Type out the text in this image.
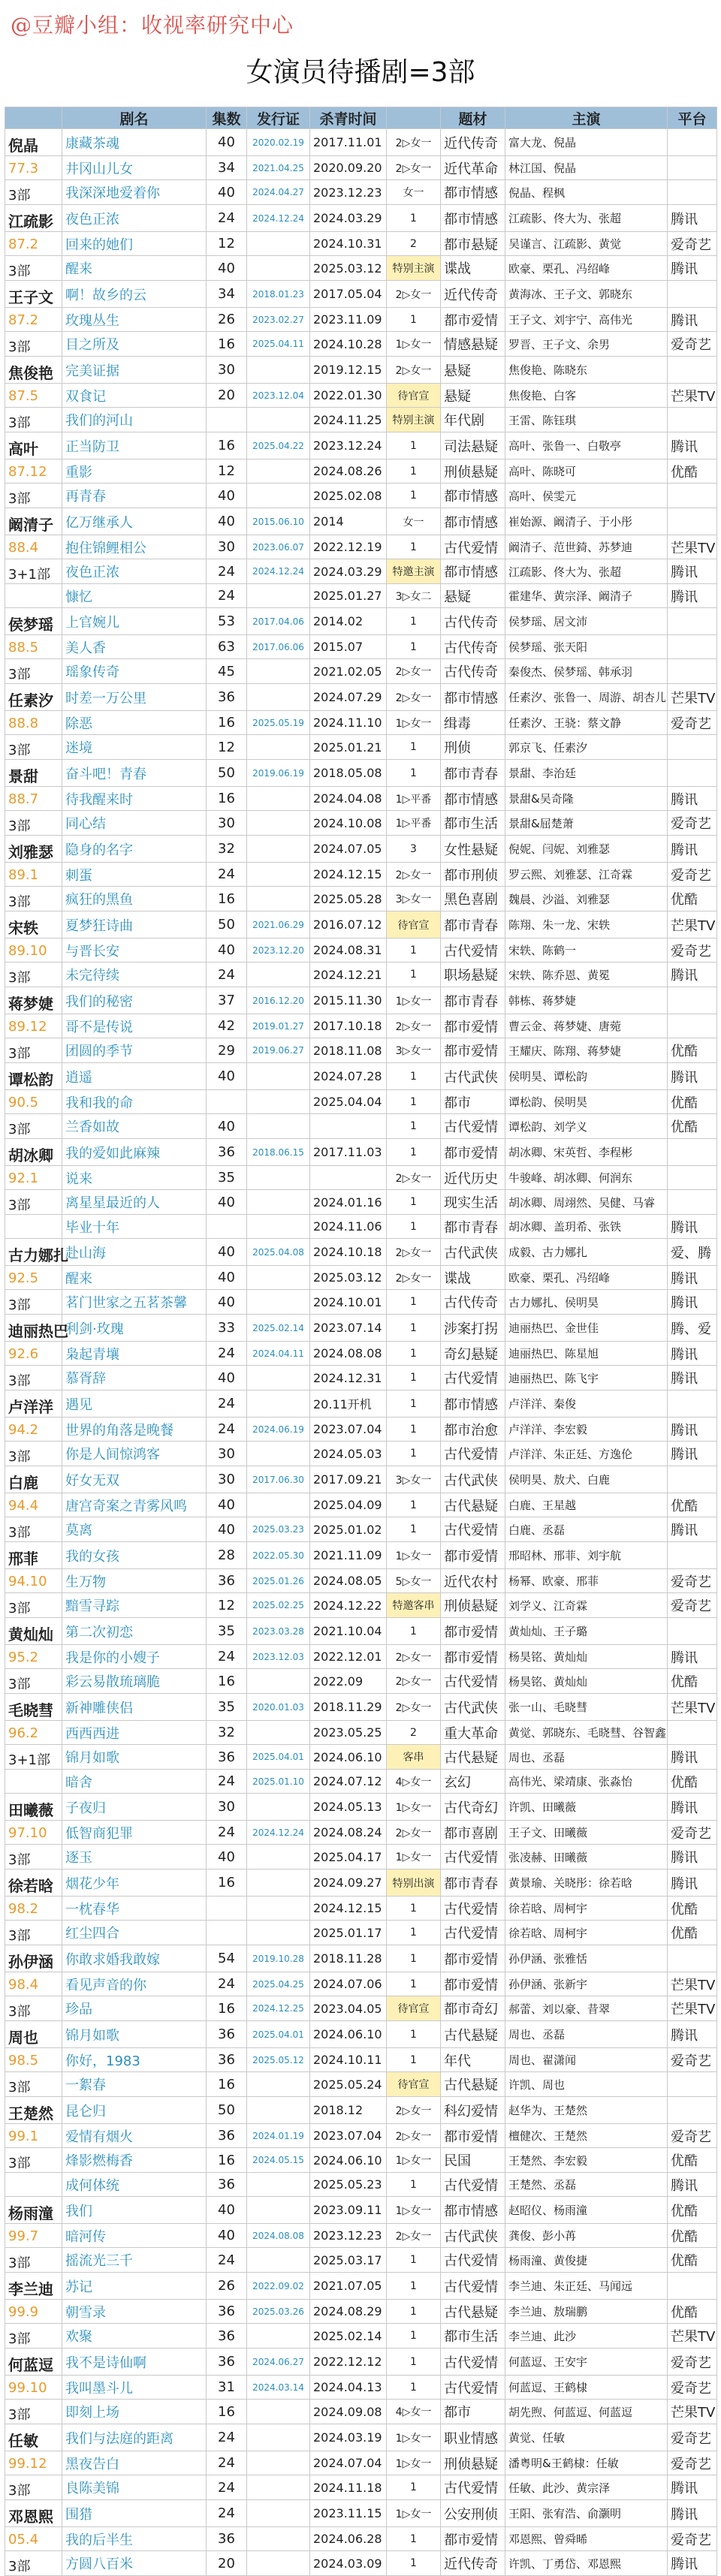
@豆瓣小组：收视率研究中心
女演员待播剧=3部
	剧名	集数	发行证	杀青时间		题材	主演	平台
倪晶	康藏茶魂	40	2020.02.19	2017.11.01	2▷女一	近代传奇	富大龙、倪晶	
77.3	井冈山儿女	34	2021.04.25	2020.09.20	2▷女一	近代革命	林江国、倪晶	
3部	我深深地爱着你	40	2024.04.27	2023.12.23	女一	都市情感	倪晶、程枫	
江疏影	夜色正浓	24	2024.12.24	2024.03.29	1	都市情感	江疏影、佟大为、张超	腾讯
87.2	回来的她们	12		2024.10.31	2	都市悬疑	吴谨言、江疏影、黄觉	爱奇艺
3部	醒来	40		2025.03.12	特别主演	谍战	欧豪、栗孔、冯绍峰	腾讯
王子文	啊！故乡的云	34	2018.01.23	2017.05.04	2▷女一	近代传奇	黄海冰、王子文、郭晓东	
87.2	玫瑰丛生	26	2023.02.27	2023.11.09	1	都市爱情	王子文、刘宇宁、高伟光	腾讯
3部	目之所及	16	2025.04.11	2024.10.28	1▷女一	情感悬疑	罗晋、王子文、余男	爱奇艺
焦俊艳	完美证据	30		2019.12.15	2▷女一	悬疑	焦俊艳、陈晓东	
87.5	双食记	20	2023.12.04	2022.01.30	待官宣	悬疑	焦俊艳、白客	芒果TV
3部	我们的河山			2024.11.25	特别主演	年代剧	王雷、陈钰琪	
高叶	正当防卫	16	2025.04.22	2023.12.24	1	司法悬疑	高叶、张鲁一、白敬亭	腾讯
87.12	重影	12		2024.08.26	1	刑侦悬疑	高叶、陈晓可	优酷
3部	再青春	40		2025.02.08	1	都市情感	高叶、侯雯元	
阚清子	亿万继承人	40	2015.06.10	2014	女一	都市情感	崔始源、阚清子、于小彤	
88.4	抱住锦鲤相公	30	2023.06.07	2022.12.19	1	古代爱情	阚清子、范世錡、苏梦迪	芒果TV
3+1部	夜色正浓	24	2024.12.24	2024.03.29	特邀主演	都市情感	江疏影、佟大为、张超	腾讯
	慷忆	24		2025.01.27	3▷女二	悬疑	霍建华、黄宗泽、阚清子	腾讯
侯梦瑶	上官婉儿	53	2017.04.06	2014.02	1	古代传奇	侯梦瑶、居文沛	
88.5	美人香	63	2017.06.06	2015.07	1	古代传奇	侯梦瑶、张天阳	
3部	瑶象传奇	45		2021.02.05	2▷女一	古代传奇	秦俊杰、侯梦瑶、韩承羽	
任素汐	时差一万公里	36		2024.07.29	2▷女一	都市情感	任素汐、张鲁一、周游、胡杏儿	芒果TV
88.8	除恶	16	2025.05.19	2024.11.10	1▷女一	缉毒	任素汐、王骁：蔡文静	爱奇艺
3部	迷境	12		2025.01.21	1	刑侦	郭京飞、任素汐	
景甜	奋斗吧！青春	50	2019.06.19	2018.05.08	1	都市青春	景甜、李治廷	
88.7	待我醒来时	16		2024.04.08	1▷平番	都市情感	景甜&吴奇隆	腾讯
3部	同心结	30		2024.10.08	1▷平番	都市生活	景甜&屈楚萧	爱奇艺
刘雅瑟	隐身的名字	32		2024.07.05	3	女性悬疑	倪妮、闫妮、刘雅瑟	腾讯
89.1	刺蛋	24		2024.12.15	2▷女一	都市刑侦	罗云熙、刘雅瑟、江奇霖	爱奇艺
3部	疯狂的黑鱼	16		2025.05.28	3▷女一	黑色喜剧	魏晨、沙溢、刘雅瑟	优酷
宋轶	夏梦狂诗曲	50	2021.06.29	2016.07.12	待官宣	都市青春	陈翔、朱一龙、宋轶	芒果TV
89.10	与晋长安	40	2023.12.20	2024.08.31	1	古代爱情	宋轶、陈鹤一	爱奇艺
3部	未完待续	24		2024.12.21	1	职场悬疑	宋轶、陈乔恩、黄冕	腾讯
蒋梦婕	我们的秘密	37	2016.12.20	2015.11.30	1▷女一	都市青春	韩栋、蒋梦婕	
89.12	哥不是传说	42	2019.01.27	2017.10.18	2▷女一	都市爱情	曹云金、蒋梦婕、唐菀	
3部	团圆的季节	29	2019.06.27	2018.11.08	3▷女一	都市爱情	王耀庆、陈翔、蒋梦婕	优酷
谭松韵	逍遥	40		2024.07.28	1	古代武侠	侯明昊、谭松韵	腾讯
90.5	我和我的命			2025.04.04	1	都市	谭松韵、侯明昊	优酷
3部	兰香如故	40			1	古代爱情	谭松韵、刘学义	优酷
胡冰卿	我的爱如此麻辣	36	2018.06.15	2017.11.03	1	都市爱情	胡冰卿、宋英哲、李程彬	
92.1	说来	35			2▷女一	近代历史	牛骏峰、胡冰卿、何润东	
3部	离星星最近的人	40		2024.01.16	1	现实生活	胡冰卿、周翊然、吴健、马睿	
	毕业十年			2024.11.06	1	都市青春	胡冰卿、盖玥希、张铁	腾讯
古力娜扎	赴山海	40	2025.04.08	2024.10.18	2▷女一	古代武侠	成毅、古力娜扎	爱、腾
92.5	醒来	40		2025.03.12	2▷女一	谍战	欧豪、栗孔、冯绍峰	腾讯
3部	茗门世家之五茗茶馨	40		2024.10.01	1	古代传奇	古力娜扎、侯明昊	腾讯
迪丽热巴	利剑·玫瑰	33	2025.02.14	2023.07.14	1	涉案打拐	迪丽热巴、金世佳	腾、爱
92.6	枭起青壤	24	2024.04.11	2024.08.08	1	奇幻悬疑	迪丽热巴、陈星旭	腾讯
3部	慕胥辞	40		2024.12.31	1	古代爱情	迪丽热巴、陈飞宇	腾讯
卢洋洋	遇见	24		20.11开机	1	都市情感	卢洋洋、秦俊	
94.2	世界的角落是晚餐	24	2024.06.19	2023.07.04	1	都市治愈	卢洋洋、李宏毅	腾讯
3部	你是人间惊鸿客	30		2024.05.03	1	古代爱情	卢洋洋、朱正廷、方逸伦	腾讯
白鹿	好女无双	30	2017.06.30	2017.09.21	3▷女一	古代武侠	侯明昊、敖犬、白鹿	
94.4	唐宫奇案之青雾风鸣	40		2025.04.09	1	古代悬疑	白鹿、王星越	优酷
3部	莫离	40	2025.03.23	2025.01.02	1	古代爱情	白鹿、丞磊	腾讯
邢菲	我的女孩	28	2022.05.30	2021.11.09	1▷女一	都市爱情	邢昭林、邢菲、刘宇航	
94.10	生万物	36	2025.01.26	2024.08.05	5▷女一	近代农村	杨幂、欧豪、邢菲	爱奇艺
3部	黯雪寻踪	12	2025.02.25	2024.12.22	特邀客串	刑侦悬疑	刘学义、江奇霖	爱奇艺
黄灿灿	第二次初恋	35	2023.03.28	2021.10.04	1	都市爱情	黄灿灿、王子璐	
95.2	我是你的小嫂子	24	2023.12.03	2022.12.01	2▷女一	都市爱情	杨昊铭、黄灿灿	腾讯
3部	彩云易散琉璃脆	16		2022.09	2▷女一	古代爱情	杨昊铭、黄灿灿	优酷
毛晓彗	新神雕侠侣	35	2020.01.03	2018.11.29	2▷女一	古代武侠	张一山、毛晓彗	芒果TV
96.2	西西西进	32		2023.05.25	2	重大革命	黄觉、郭晓东、毛晓彗、谷智鑫	
3+1部	锦月如歌	36	2025.04.01	2024.06.10	客串	古代悬疑	周也、丞磊	腾讯
	暗舍	24	2025.01.10	2024.07.12	4▷女一	玄幻	高伟光、梁靖康、张淼怡	优酷
田曦薇	子夜归	30		2024.05.13	1▷女一	古代奇幻	许凯、田曦薇	腾讯
97.10	低智商犯罪	24	2024.12.24	2024.08.24	2▷女一	都市喜剧	王子文、田曦薇	爱奇艺
3部	逐玉	40		2025.04.17	1▷女一	古代爱情	张凌赫、田曦薇	腾讯
徐若晗	烟花少年	16		2024.09.27	特别出演	都市青春	黄景瑜、关晓彤：徐若晗	腾讯
98.2	一枕春华			2024.12.15	1	古代爱情	徐若晗、周柯宇	优酷
3部	红尘四合			2025.01.17	1	古代爱情	徐若晗、周柯宇	优酷
孙伊涵	你敢求婚我敢嫁	54	2019.10.28	2018.11.28	1	都市爱情	孙伊涵、张雅恬	
98.4	看见声音的你	24	2025.04.25	2024.07.06	1	都市爱情	孙伊涵、张新宇	芒果TV
3部	珍品	16	2024.12.25	2023.04.05	待官宣	都市奇幻	郝蕾、刘以豪、昔翠	芒果TV
周也	锦月如歌	36	2025.04.01	2024.06.10	1	古代悬疑	周也、丞磊	腾讯
98.5	你好，1983	36	2025.05.12	2024.10.11	1	年代	周也、翟潇闻	爱奇艺
3部	一絮春	16		2025.05.24	待官宣	古代悬疑	许凯、周也	
王楚然	昆仑归	50		2018.12	2▷女一	科幻爱情	赵华为、王楚然	
99.1	爱情有烟火	36	2024.01.19	2023.07.04	2▷女一	都市爱情	檀健次、王楚然	爱奇艺
3部	烽影燃梅香	16	2024.05.15	2024.06.10	1▷女一	民国	王楚然、李宏毅	优酷
	成何体统	36		2025.05.23	1	古代爱情	王楚然、丞磊	腾讯
杨雨潼	我们	40		2023.09.11	1▷女一	都市情感	赵昭仪、杨雨潼	优酷
99.7	暗河传	40	2024.08.08	2023.12.23	2▷女一	古代武侠	龚俊、彭小苒	优酷
3部	摇流光三千	24		2025.03.17	1	古代爱情	杨雨潼、黄俊捷	优酷
李兰迪	苏记	26	2022.09.02	2021.07.05	1	古代爱情	李兰迪、朱正廷、马闻远	
99.9	朝雪录	36	2025.03.26	2024.08.29	1	古代悬疑	李兰迪、敖瑞鹏	优酷
3部	欢聚	36		2025.02.14	1	都市生活	李兰迪、此沙	芒果TV
何蓝逗	我不是诗仙啊	36	2024.06.27	2022.12.12	1	古代爱情	何蓝逗、王安宇	爱奇艺
99.10	我叫墨斗儿	31	2024.03.14	2024.04.13	1	古代爱情	何蓝逗、王鹤棣	爱奇艺
3部	即刻上场	16		2024.09.08	4▷女一	都市	胡先煦、何蓝逗、何蓝逗	芒果TV
任敏	我们与法庭的距离	24		2024.03.19	1▷女一	职业情感	黄觉、任敏	爱奇艺
99.12	黑夜告白	24		2024.07.04	1▷女一	刑侦悬疑	潘粤明&王鹤棣：任敏	爱奇艺
3部	良陈美锦	24		2024.11.18	1	古代爱情	任敏、此沙、黄宗泽	腾讯
邓恩熙	围猎	24		2023.11.15	1▷女一	公安刑侦	王阳、张宥浩、俞灏明	腾讯
05.4	我的后半生	36		2024.06.28	1	都市爱情	邓恩熙、曾舜晞	爱奇艺
3部	方圆八百米	20		2024.03.09	1	近代传奇	许凯、丁勇岱、邓恩熙	腾讯
